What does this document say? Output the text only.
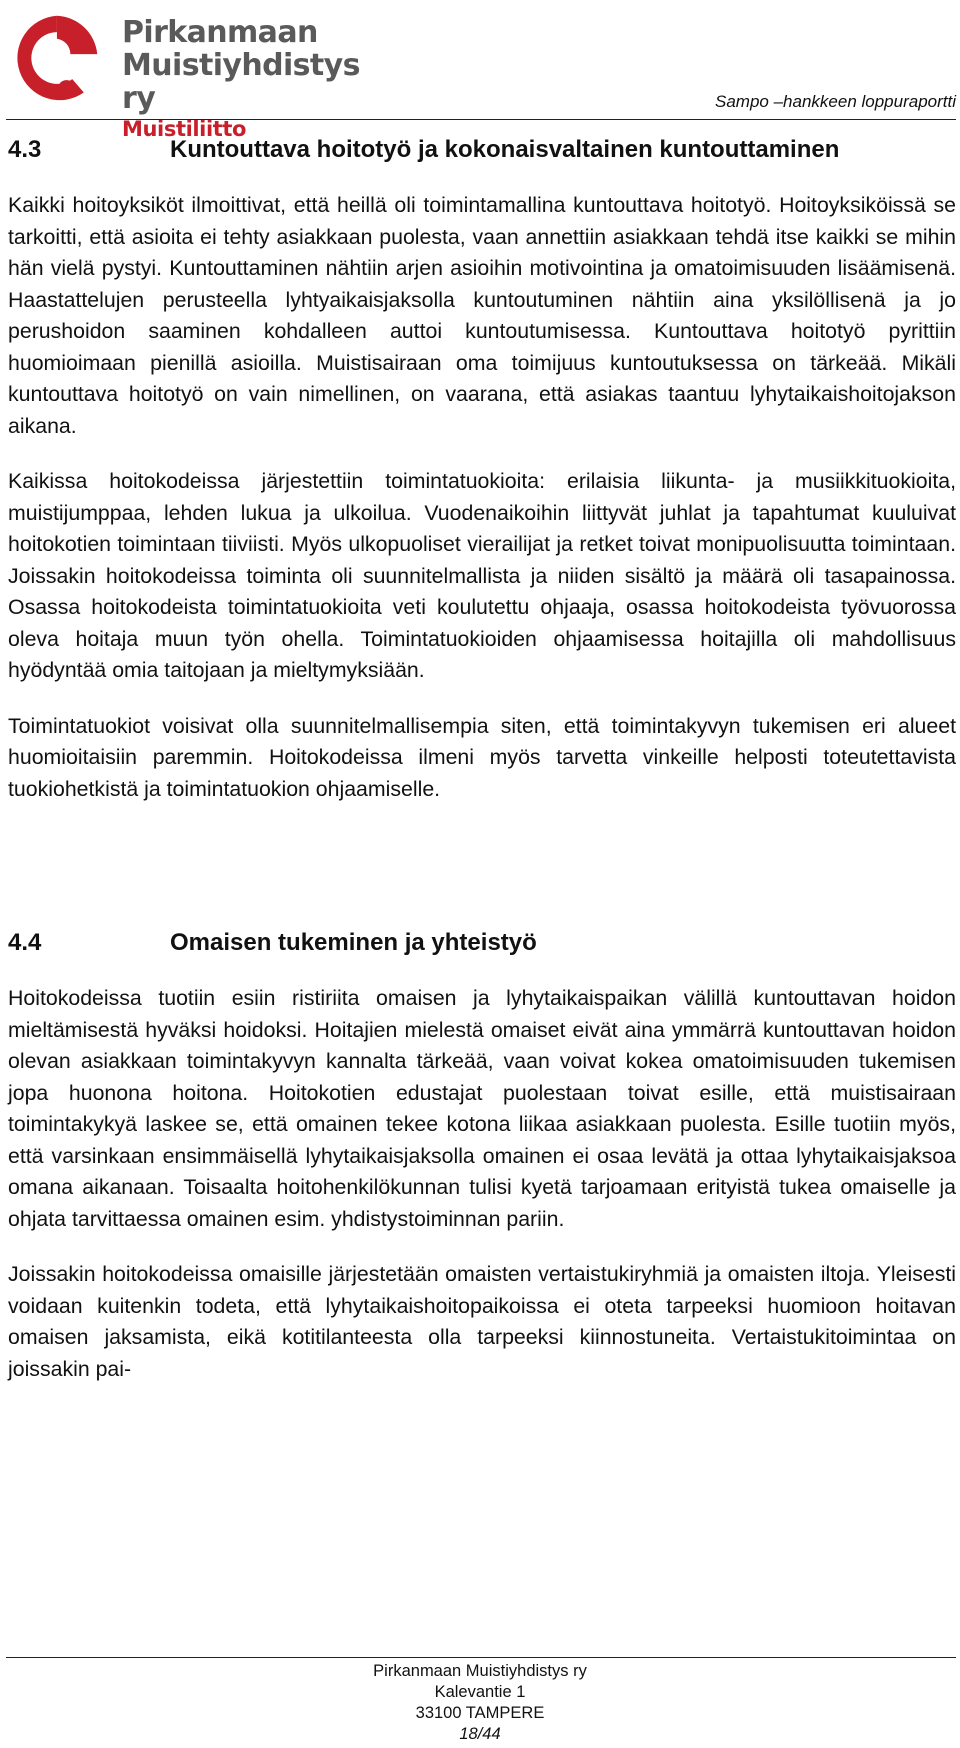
Pirkanmaan
Muistiyhdistys ry
Muistiliitto
Sampo –hankkeen loppuraportti
4.3	Kuntouttava hoitotyö ja kokonaisvaltainen kuntouttaminen

Kaikki hoitoyksiköt ilmoittivat, että heillä oli toimintamallina kuntouttava hoitotyö. Hoitoyksiköissä se tarkoitti, että asioita ei tehty asiakkaan puolesta, vaan annettiin asiakkaan tehdä itse kaikki se mihin hän vielä pystyi. Kuntouttaminen nähtiin arjen asioihin motivointina ja omatoimisuuden lisäämisenä. Haastattelujen perusteella lyhtyaikaisjaksolla kuntoutuminen nähtiin aina yksilöllisenä ja jo perushoidon saaminen kohdalleen auttoi kuntoutumisessa. Kuntouttava hoitotyö pyrittiin huomioimaan pienillä asioilla. Muistisairaan oma toimijuus kuntoutuksessa on tärkeää. Mikäli kuntouttava hoitotyö on vain nimellinen, on vaarana, että asiakas taantuu lyhytaikaishoitojakson aikana.

Kaikissa hoitokodeissa järjestettiin toimintatuokioita: erilaisia liikunta- ja musiikkituokioita, muistijumppaa, lehden lukua ja ulkoilua. Vuodenaikoihin liittyvät juhlat ja tapahtumat kuuluivat hoitokotien toimintaan tiiviisti. Myös ulkopuoliset vierailijat ja retket toivat monipuolisuutta toimintaan. Joissakin hoitokodeissa toiminta oli suunnitelmallista ja niiden sisältö ja määrä oli tasapainossa. Osassa hoitokodeista toimintatuokioita veti koulutettu ohjaaja, osassa hoitokodeista työvuorossa oleva hoitaja muun työn ohella. Toimintatuokioiden ohjaamisessa hoitajilla oli mahdollisuus hyödyntää omia taitojaan ja mieltymyksiään.

Toimintatuokiot voisivat olla suunnitelmallisempia siten, että toimintakyvyn tukemisen eri alueet huomioitaisiin paremmin. Hoitokodeissa ilmeni myös tarvetta vinkeille helposti toteutettavista tuokiohetkistä ja toimintatuokion ohjaamiselle.

4.4	Omaisen tukeminen ja yhteistyö

Hoitokodeissa tuotiin esiin ristiriita omaisen ja lyhytaikaispaikan välillä kuntouttavan hoidon mieltämisestä hyväksi hoidoksi. Hoitajien mielestä omaiset eivät aina ymmärrä kuntouttavan hoidon olevan asiakkaan toimintakyvyn kannalta tärkeää, vaan voivat kokea omatoimisuuden tukemisen jopa huonona hoitona. Hoitokotien edustajat puolestaan toivat esille, että muistisairaan toimintakykyä laskee se, että omainen tekee kotona liikaa asiakkaan puolesta. Esille tuotiin myös, että varsinkaan ensimmäisellä lyhytaikaisjaksolla omainen ei osaa levätä ja ottaa lyhytaikaisjaksoa omana aikanaan. Toisaalta hoitohenkilökunnan tulisi kyetä tarjoamaan erityistä tukea omaiselle ja ohjata tarvittaessa omainen esim. yhdistystoiminnan pariin.

Joissakin hoitokodeissa omaisille järjestetään omaisten vertaistukiryhmiä ja omaisten iltoja. Yleisesti voidaan kuitenkin todeta, että lyhytaikaishoitopaikoissa ei oteta tarpeeksi huomioon hoitavan omaisen jaksamista, eikä kotitilanteesta olla tarpeeksi kiinnostuneita. Vertaistukitoimintaa on joissakin pai-

Pirkanmaan Muistiyhdistys ry
Kalevantie 1
33100 TAMPERE
18/44
